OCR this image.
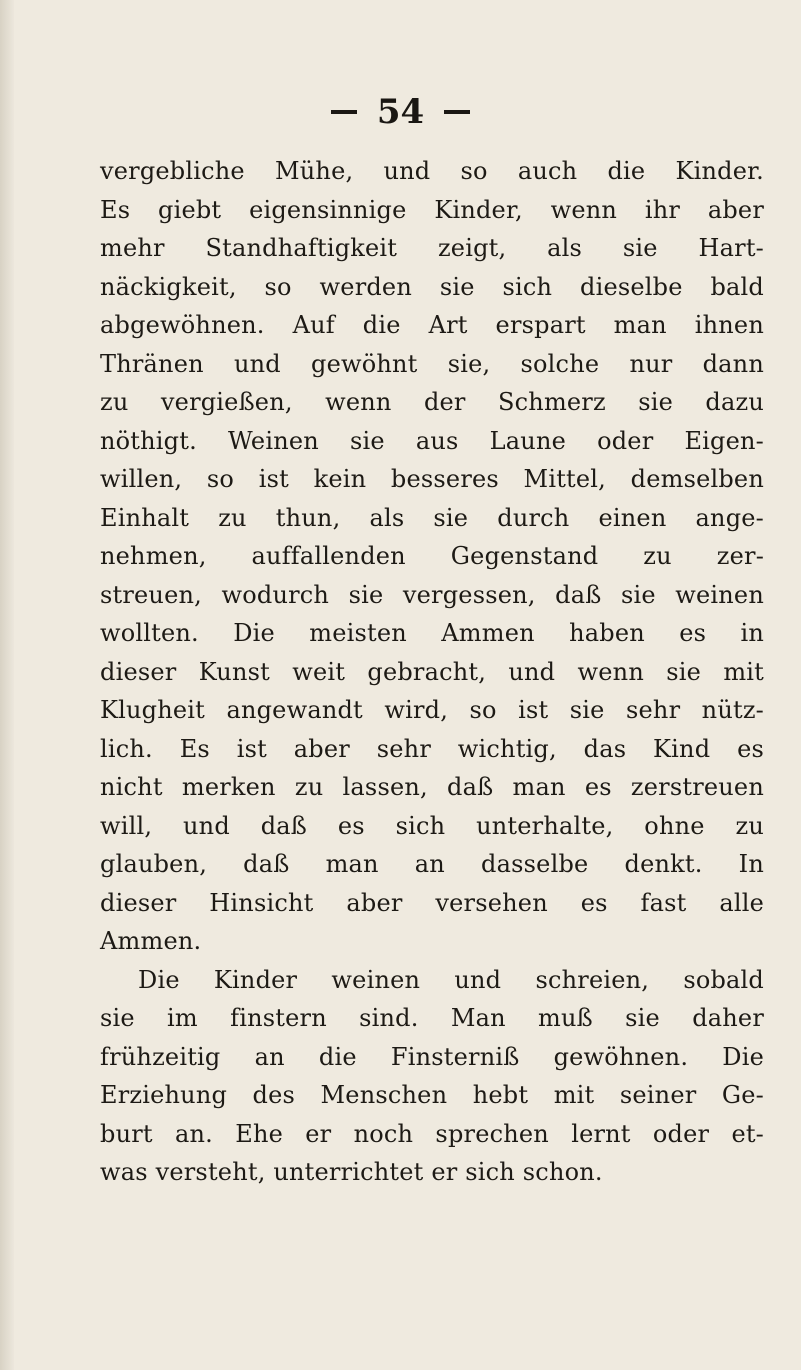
54
vergebliche Mühe, und so auch die Kinder.
Es giebt eigensinnige Kinder, wenn ihr aber
mehr Standhaftigkeit zeigt, als sie Hart-
näckigkeit, so werden sie sich dieselbe bald
abgewöhnen. Auf die Art erspart man ihnen
Thränen und gewöhnt sie, solche nur dann
zu vergießen, wenn der Schmerz sie dazu
nöthigt. Weinen sie aus Laune oder Eigen-
willen, so ist kein besseres Mittel, demselben
Einhalt zu thun, als sie durch einen ange-
nehmen, auffallenden Gegenstand zu zer-
streuen, wodurch sie vergessen, daß sie weinen
wollten. Die meisten Ammen haben es in
dieser Kunst weit gebracht, und wenn sie mit
Klugheit angewandt wird, so ist sie sehr nütz-
lich. Es ist aber sehr wichtig, das Kind es
nicht merken zu lassen, daß man es zerstreuen
will, und daß es sich unterhalte, ohne zu
glauben, daß man an dasselbe denkt. In
dieser Hinsicht aber versehen es fast alle
Ammen.
Die Kinder weinen und schreien, sobald
sie im finstern sind. Man muß sie daher
frühzeitig an die Finsterniß gewöhnen. Die
Erziehung des Menschen hebt mit seiner Ge-
burt an. Ehe er noch sprechen lernt oder et-
was versteht, unterrichtet er sich schon.
